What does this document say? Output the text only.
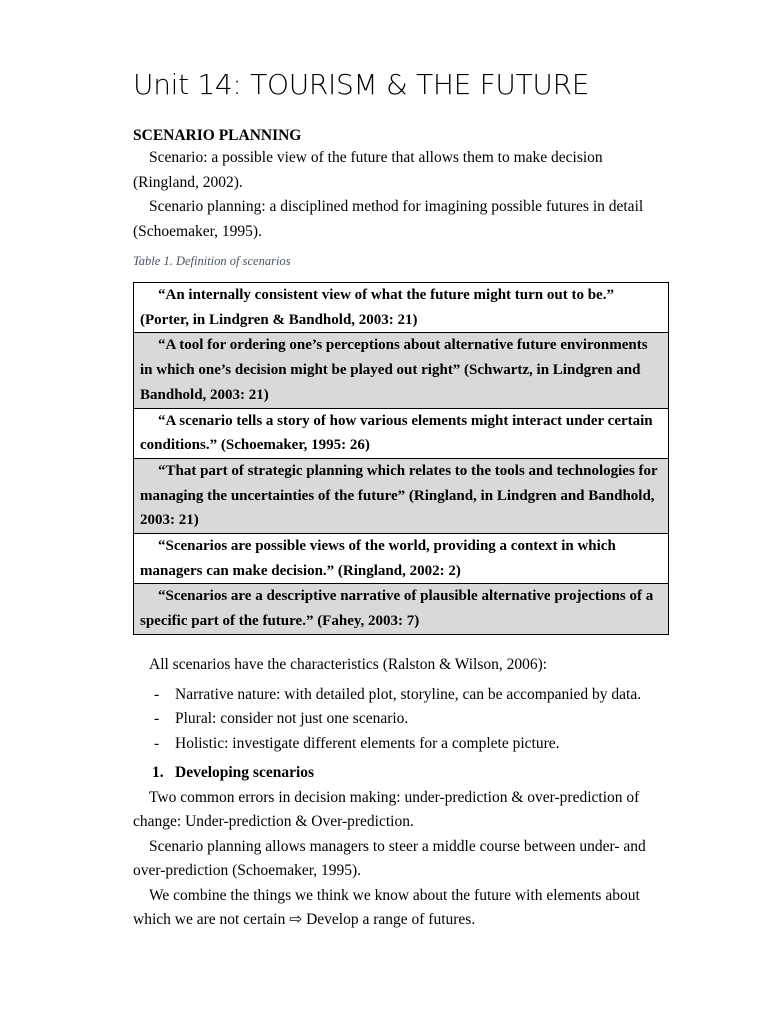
Unit 14: TOURISM & THE FUTURE
SCENARIO PLANNING

Scenario: a possible view of the future that allows them to make decision (Ringland, 2002).

Scenario planning: a disciplined method for imagining possible futures in detail (Schoemaker, 1995).

Table 1. Definition of scenarios
“An internally consistent view of what the future might turn out to be.” (Porter, in Lindgren & Bandhold, 2003: 21)
“A tool for ordering one’s perceptions about alternative future environments in which one’s decision might be played out right” (Schwartz, in Lindgren and Bandhold, 2003: 21)
“A scenario tells a story of how various elements might interact under certain conditions.” (Schoemaker, 1995: 26)
“That part of strategic planning which relates to the tools and technologies for managing the uncertainties of the future” (Ringland, in Lindgren and Bandhold, 2003: 21)
“Scenarios are possible views of the world, providing a context in which managers can make decision.” (Ringland, 2002: 2)
“Scenarios are a descriptive narrative of plausible alternative projections of a specific part of the future.” (Fahey, 2003: 7)

All scenarios have the characteristics (Ralston & Wilson, 2006):

- Narrative nature: with detailed plot, storyline, can be accompanied by data.
- Plural: consider not just one scenario.
- Holistic: investigate different elements for a complete picture.
1. Developing scenarios

Two common errors in decision making: under-prediction & over-prediction of change: Under-prediction & Over-prediction.

Scenario planning allows managers to steer a middle course between under- and over-prediction (Schoemaker, 1995).

We combine the things we think we know about the future with elements about which we are not certain ⇨ Develop a range of futures.
